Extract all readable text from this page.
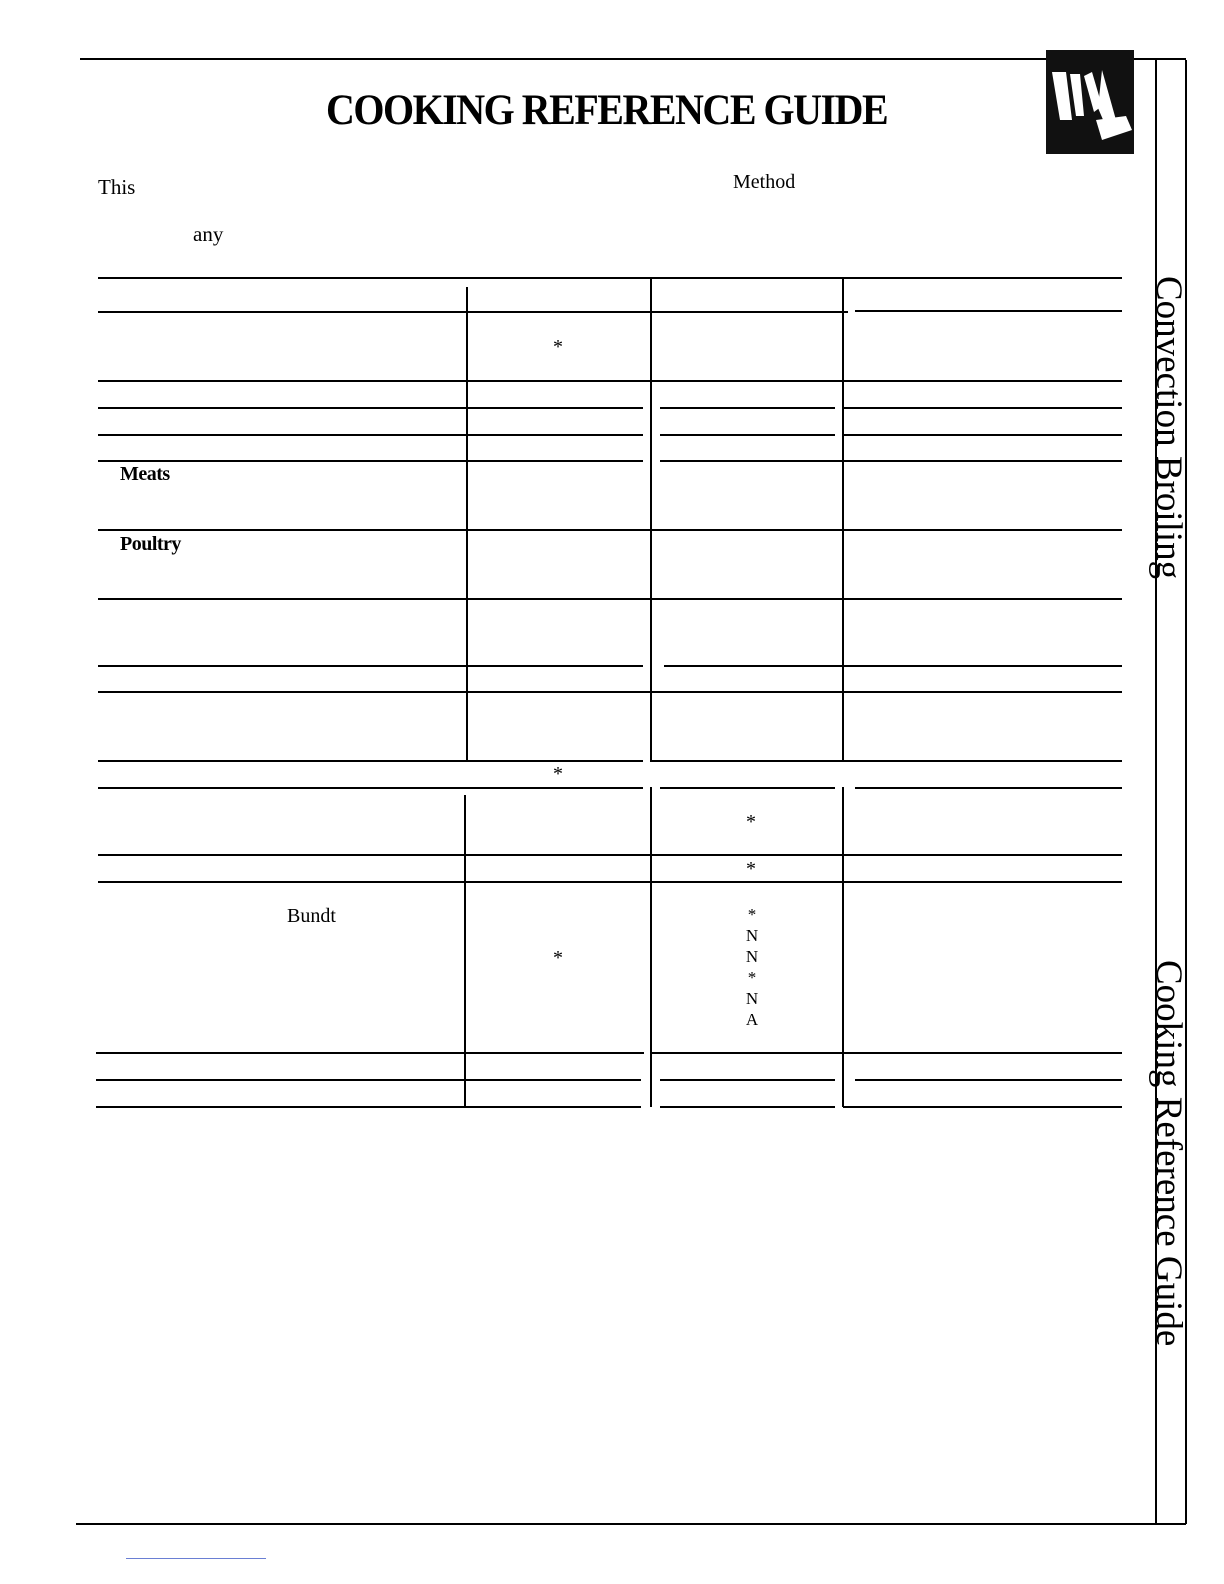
COOKING REFERENCE GUIDE
This	Method
any
Meats
Poultry
Bundt
*
*
*
*
*
*
N
N
*
N
A
Convection Broiling
Cooking Reference Guide
